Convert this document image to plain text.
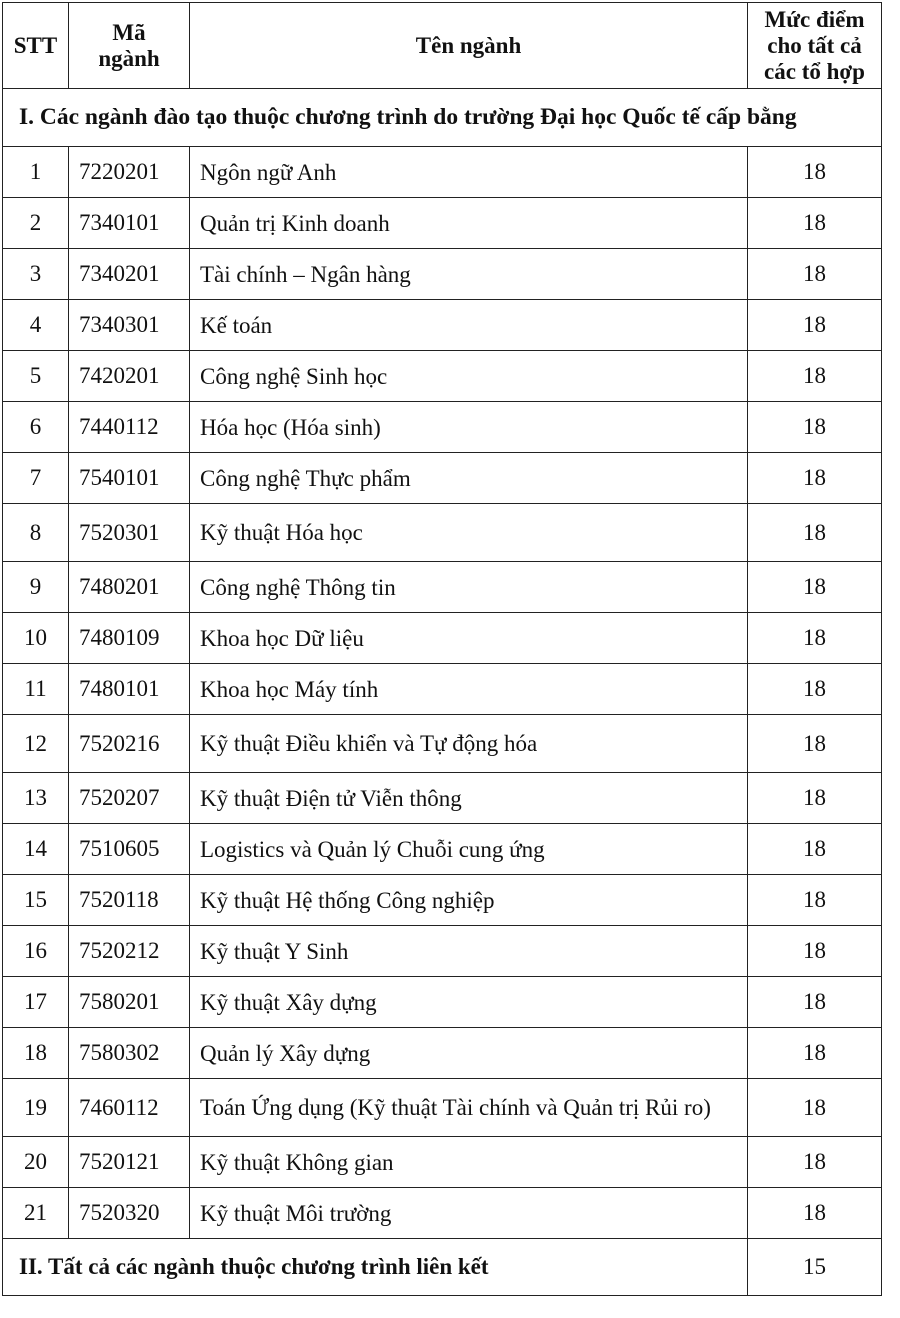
STT	Mã ngành	Tên ngành	Mức điểm cho tất cả các tổ hợp
I. Các ngành đào tạo thuộc chương trình do trường Đại học Quốc tế cấp bằng			
1	7220201	Ngôn ngữ Anh	18
2	7340101	Quản trị Kinh doanh	18
3	7340201	Tài chính – Ngân hàng	18
4	7340301	Kế toán	18
5	7420201	Công nghệ Sinh học	18
6	7440112	Hóa học (Hóa sinh)	18
7	7540101	Công nghệ Thực phẩm	18
8	7520301	Kỹ thuật Hóa học	18
9	7480201	Công nghệ Thông tin	18
10	7480109	Khoa học Dữ liệu	18
11	7480101	Khoa học Máy tính	18
12	7520216	Kỹ thuật Điều khiển và Tự động hóa	18
13	7520207	Kỹ thuật Điện tử Viễn thông	18
14	7510605	Logistics và Quản lý Chuỗi cung ứng	18
15	7520118	Kỹ thuật Hệ thống Công nghiệp	18
16	7520212	Kỹ thuật Y Sinh	18
17	7580201	Kỹ thuật Xây dựng	18
18	7580302	Quản lý Xây dựng	18
19	7460112	Toán Ứng dụng (Kỹ thuật Tài chính và Quản trị Rủi ro)	18
20	7520121	Kỹ thuật Không gian	18
21	7520320	Kỹ thuật Môi trường	18
II. Tất cả các ngành thuộc chương trình liên kết			15
